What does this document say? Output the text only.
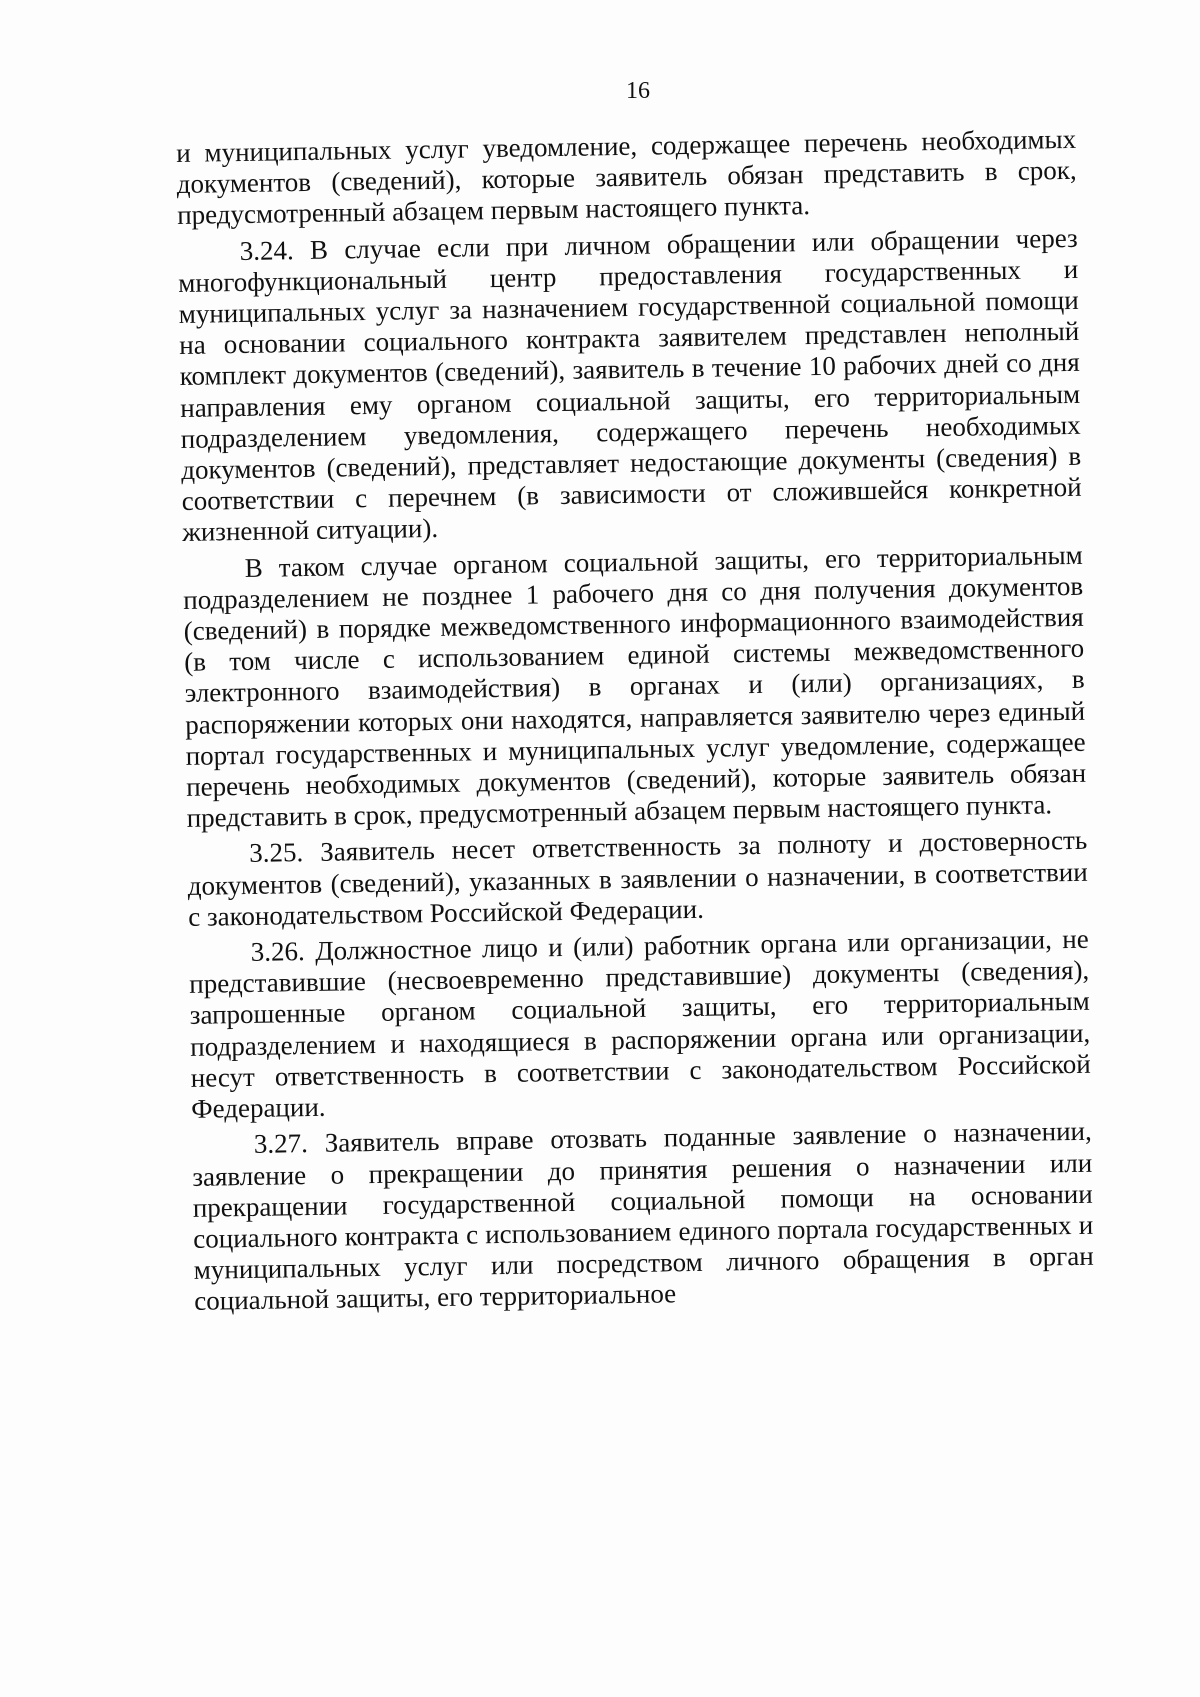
16

и муниципальных услуг уведомление, содержащее перечень необходимых документов (сведений), которые заявитель обязан представить в срок, предусмотренный абзацем первым настоящего пункта.

3.24. В случае если при личном обращении или обращении через многофункциональный центр предоставления государственных и муниципальных услуг за назначением государственной социальной помощи на основании социального контракта заявителем представлен неполный комплект документов (сведений), заявитель в течение 10 рабочих дней со дня направления ему органом социальной защиты, его территориальным подразделением уведомления, содержащего перечень необходимых документов (сведений), представляет недостающие документы (сведения) в соответствии с перечнем (в зависимости от сложившейся конкретной жизненной ситуации).

В таком случае органом социальной защиты, его территориальным подразделением не позднее 1 рабочего дня со дня получения документов (сведений) в порядке межведомственного информационного взаимодействия (в том числе с использованием единой системы межведомственного электронного взаимодействия) в органах и (или) организациях, в распоряжении которых они находятся, направляется заявителю через единый портал государственных и муниципальных услуг уведомление, содержащее перечень необходимых документов (сведений), которые заявитель обязан представить в срок, предусмотренный абзацем первым настоящего пункта.

3.25. Заявитель несет ответственность за полноту и достоверность документов (сведений), указанных в заявлении о назначении, в соответствии с законодательством Российской Федерации.

3.26. Должностное лицо и (или) работник органа или организации, не представившие (несвоевременно представившие) документы (сведения), запрошенные органом социальной защиты, его территориальным подразделением и находящиеся в распоряжении органа или организации, несут ответственность в соответствии с законодательством Российской Федерации.

3.27. Заявитель вправе отозвать поданные заявление о назначении, заявление о прекращении до принятия решения о назначении или прекращении государственной социальной помощи на основании социального контракта с использованием единого портала государственных и муниципальных услуг или посредством личного обращения в орган социальной защиты, его территориальное
